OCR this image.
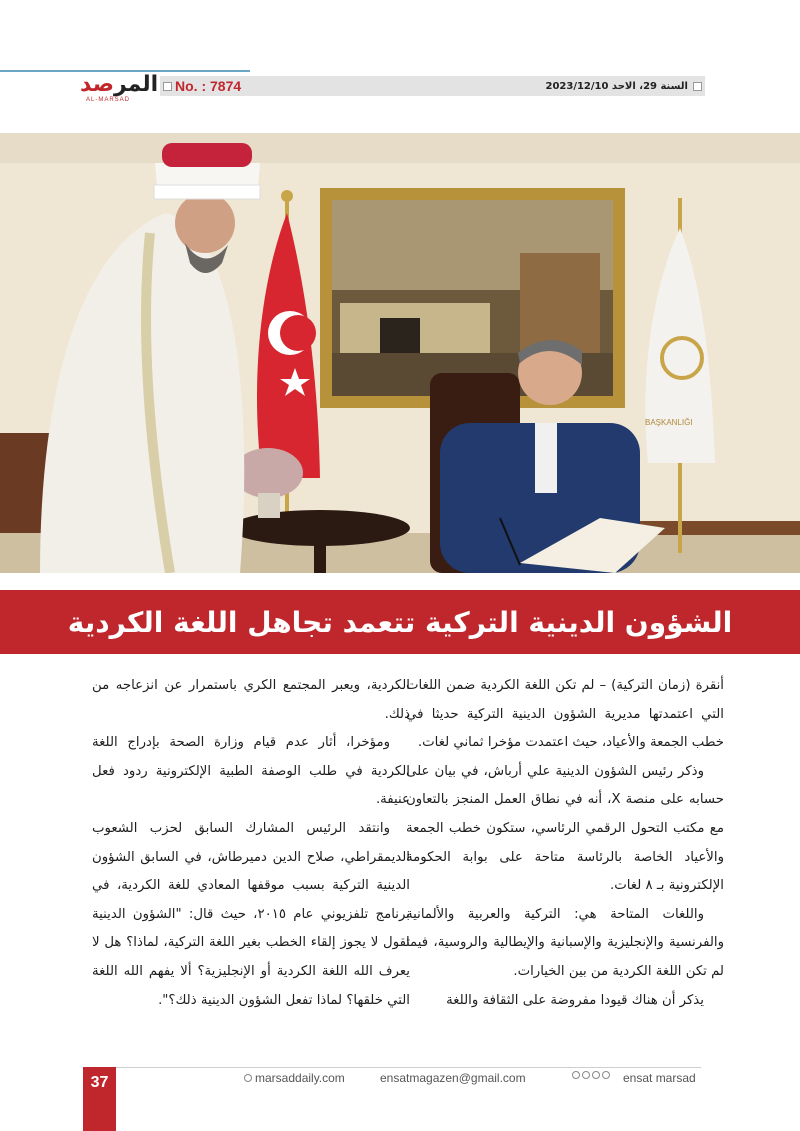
No. : 7874	السنة 29، الاحد 2023/12/10
المرصد
AL-MARSAD
BAŞKANLIĞI
الشؤون الدينية التركية تتعمد تجاهل اللغة الكردية

أنقرة (زمان التركية) – لم تكن اللغة الكردية ضمن اللغات التي اعتمدتها مديرية الشؤون الدينية التركية حديثا في خطب الجمعة والأعياد، حيث اعتمدت مؤخرا ثماني لغات.

وذكر رئيس الشؤون الدينية علي أرباش، في بيان على حسابه على منصة X، أنه في نطاق العمل المنجز بالتعاون مع مكتب التحول الرقمي الرئاسي، ستكون خطب الجمعة والأعياد الخاصة بالرئاسة متاحة على بوابة الحكومة الإلكترونية بـ ٨ لغات.

واللغات المتاحة هي: التركية والعربية والألمانية والفرنسية والإنجليزية والإسبانية والإيطالية والروسية، فيما لم تكن اللغة الكردية من بين الخيارات.

يذكر أن هناك قيودا مفروضة على الثقافة واللغة

الكردية، ويعبر المجتمع الكري باستمرار عن انزعاجه من ذلك.

ومؤخرا، أثار عدم قيام وزارة الصحة بإدراج اللغة الكردية في طلب الوصفة الطبية الإلكترونية ردود فعل عنيفة.

وانتقد الرئيس المشارك السابق لحزب الشعوب الديمقراطي، صلاح الدين دميرطاش، في السابق الشؤون الدينية التركية بسبب موقفها المعادي للغة الكردية، في برنامج تلفزيوني عام ٢٠١٥، حيث قال: "الشؤون الدينية تقول لا يجوز إلقاء الخطب بغير اللغة التركية، لماذا؟ هل لا يعرف الله اللغة الكردية أو الإنجليزية؟ ألا يفهم الله اللغة التي خلقها؟ لماذا تفعل الشؤون الدينية ذلك؟".

37	marsaddaily.com	ensatmagazen@gmail.com	ensat marsad
